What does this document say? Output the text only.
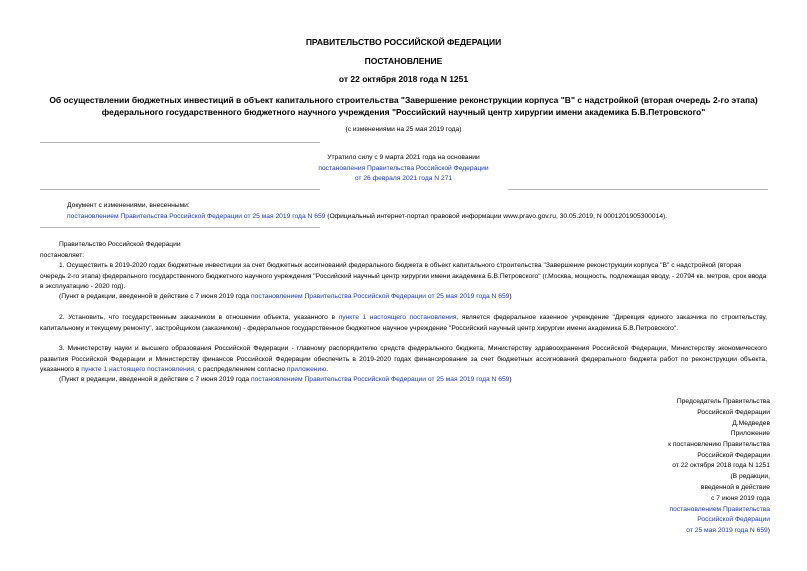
ПРАВИТЕЛЬСТВО РОССИЙСКОЙ ФЕДЕРАЦИИ
ПОСТАНОВЛЕНИЕ
от 22 октября 2018 года N 1251
Об осуществлении бюджетных инвестиций в объект капитального строительства "Завершение реконструкции корпуса "В" с надстройкой (вторая очередь 2-го этапа) федерального государственного бюджетного научного учреждения "Российский научный центр хирургии имени академика Б.В.Петровского"
(с изменениями на 25 мая 2019 года)
Утратило силу с 9 марта 2021 года на основании
постановления Правительства Российской Федерации
от 26 февраля 2021 года N 271
Документ с изменениями, внесенными:
постановлением Правительства Российской Федерации от 25 мая 2019 года N 659 (Официальный интернет-портал правовой информации www.pravo.gov.ru, 30.05.2019, N 0001201905300014).
Правительство Российской Федерации
постановляет:
1. Осуществить в 2019-2020 годах бюджетные инвестиции за счет бюджетных ассигнований федерального бюджета в объект капитального строительства "Завершение реконструкции корпуса "В" с надстройкой (вторая очередь 2-го этапа) федерального государственного бюджетного научного учреждения "Российский научный центр хирургии имени академика Б.В.Петровского" (г.Москва, мощность, подлежащая вводу, - 20794 кв. метров, срок ввода в эксплуатацию - 2020 год).
(Пункт в редакции, введенной в действие с 7 июня 2019 года постановлением Правительства Российской Федерации от 25 мая 2019 года N 659)
2. Установить, что государственным заказчиком в отношении объекта, указанного в пункте 1 настоящего постановления, является федеральное казенное учреждение "Дирекция единого заказчика по строительству, капитальному и текущему ремонту", застройщиком (заказчиком) - федеральное государственное бюджетное научное учреждение "Российский научный центр хирургии имени академика Б.В.Петровского".
3. Министерству науки и высшего образования Российской Федерации - главному распорядителю средств федерального бюджета, Министерству здравоохранения Российской Федерации, Министерству экономического развития Российской Федерации и Министерству финансов Российской Федерации обеспечить в 2019-2020 годах финансирование за счет бюджетных ассигнований федерального бюджета работ по реконструкции объекта, указанного в пункте 1 настоящего постановления, с распределением согласно приложению.
(Пункт в редакции, введенной в действие с 7 июня 2019 года постановлением Правительства Российской Федерации от 25 мая 2019 года N 659)
Председатель Правительства
Российской Федерации
Д.Медведев
Приложение
к постановлению Правительства
Российской Федерации
от 22 октября 2018 года N 1251
(В редакции,
введенной в действие
с 7 июня 2019 года
постановлением Правительства
Российской Федерации
от 25 мая 2019 года N 659)
